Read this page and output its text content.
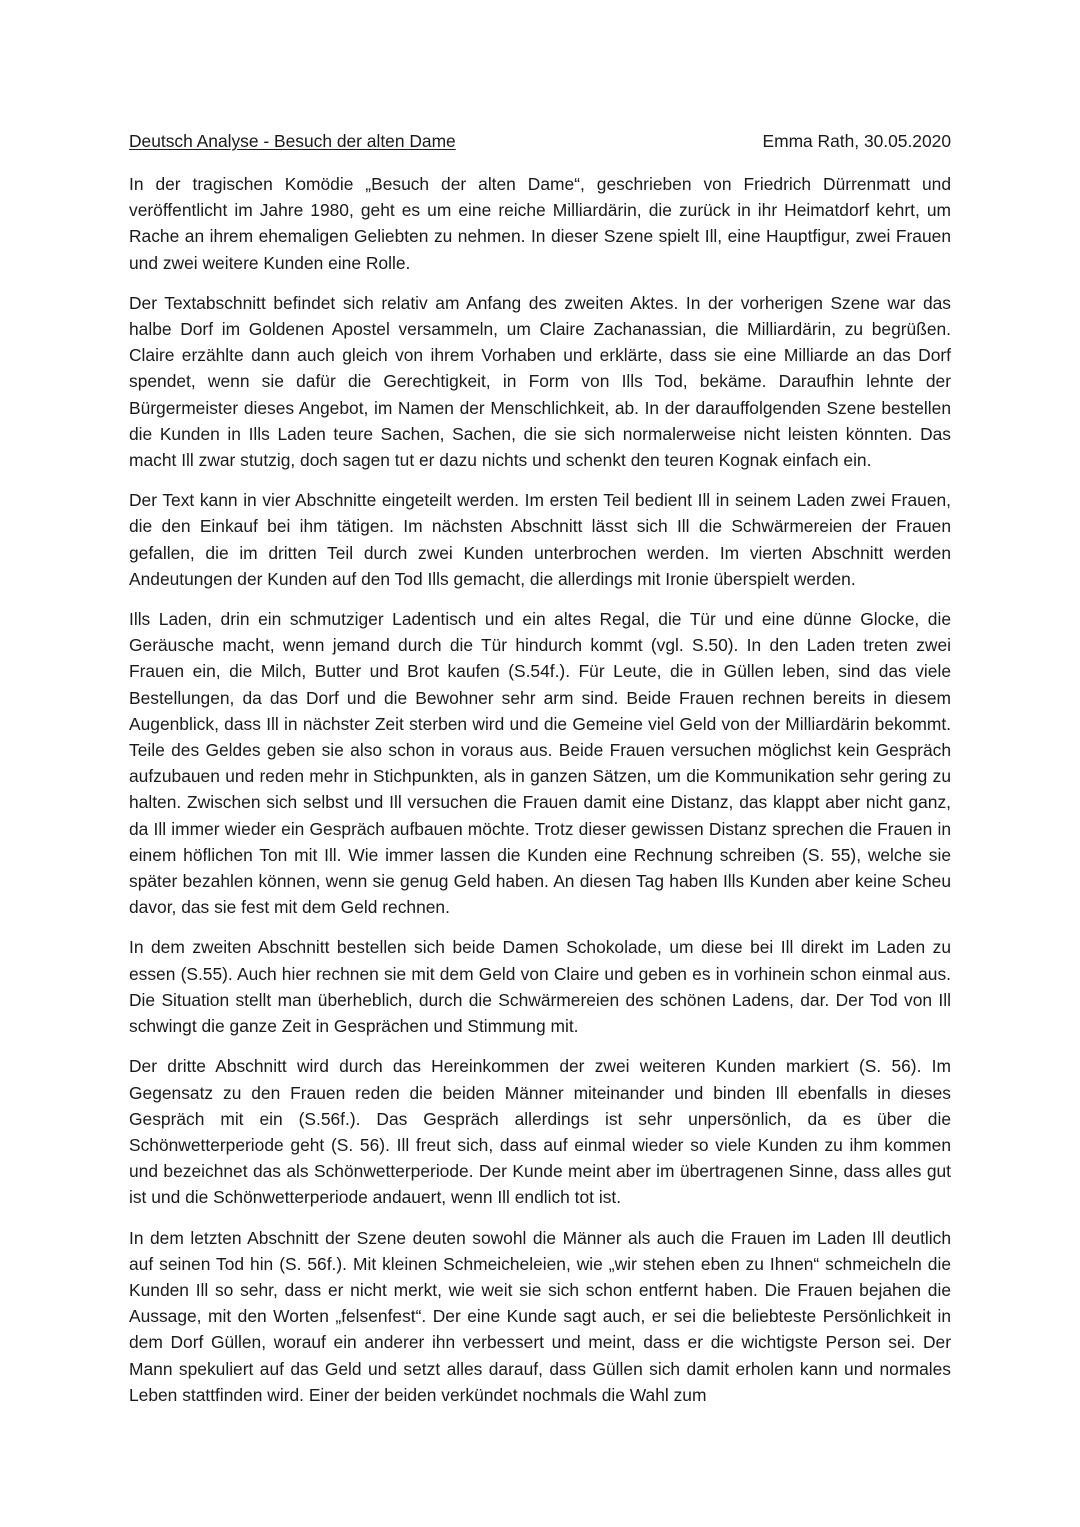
Deutsch Analyse - Besuch der alten Dame	Emma Rath, 30.05.2020

In der tragischen Komödie „Besuch der alten Dame“, geschrieben von Friedrich Dürrenmatt und veröffentlicht im Jahre 1980, geht es um eine reiche Milliardärin, die zurück in ihr Heimatdorf kehrt, um Rache an ihrem ehemaligen Geliebten zu nehmen. In dieser Szene spielt Ill, eine Hauptfigur, zwei Frauen und zwei weitere Kunden eine Rolle.

Der Textabschnitt befindet sich relativ am Anfang des zweiten Aktes. In der vorherigen Szene war das halbe Dorf im Goldenen Apostel versammeln, um Claire Zachanassian, die Milliardärin, zu begrüßen. Claire erzählte dann auch gleich von ihrem Vorhaben und erklärte, dass sie eine Milliarde an das Dorf spendet, wenn sie dafür die Gerechtigkeit, in Form von Ills Tod, bekäme. Daraufhin lehnte der Bürgermeister dieses Angebot, im Namen der Menschlichkeit, ab. In der darauffolgenden Szene bestellen die Kunden in Ills Laden teure Sachen, Sachen, die sie sich normalerweise nicht leisten könnten. Das macht Ill zwar stutzig, doch sagen tut er dazu nichts und schenkt den teuren Kognak einfach ein.

Der Text kann in vier Abschnitte eingeteilt werden. Im ersten Teil bedient Ill in seinem Laden zwei Frauen, die den Einkauf bei ihm tätigen. Im nächsten Abschnitt lässt sich Ill die Schwärmereien der Frauen gefallen, die im dritten Teil durch zwei Kunden unterbrochen werden. Im vierten Abschnitt werden Andeutungen der Kunden auf den Tod Ills gemacht, die allerdings mit Ironie überspielt werden.

Ills Laden, drin ein schmutziger Ladentisch und ein altes Regal, die Tür und eine dünne Glocke, die Geräusche macht, wenn jemand durch die Tür hindurch kommt (vgl. S.50). In den Laden treten zwei Frauen ein, die Milch, Butter und Brot kaufen (S.54f.). Für Leute, die in Güllen leben, sind das viele Bestellungen, da das Dorf und die Bewohner sehr arm sind. Beide Frauen rechnen bereits in diesem Augenblick, dass Ill in nächster Zeit sterben wird und die Gemeine viel Geld von der Milliardärin bekommt. Teile des Geldes geben sie also schon in voraus aus. Beide Frauen versuchen möglichst kein Gespräch aufzubauen und reden mehr in Stichpunkten, als in ganzen Sätzen, um die Kommunikation sehr gering zu halten. Zwischen sich selbst und Ill versuchen die Frauen damit eine Distanz, das klappt aber nicht ganz, da Ill immer wieder ein Gespräch aufbauen möchte. Trotz dieser gewissen Distanz sprechen die Frauen in einem höflichen Ton mit Ill. Wie immer lassen die Kunden eine Rechnung schreiben (S. 55), welche sie später bezahlen können, wenn sie genug Geld haben. An diesen Tag haben Ills Kunden aber keine Scheu davor, das sie fest mit dem Geld rechnen.

In dem zweiten Abschnitt bestellen sich beide Damen Schokolade, um diese bei Ill direkt im Laden zu essen (S.55). Auch hier rechnen sie mit dem Geld von Claire und geben es in vorhinein schon einmal aus. Die Situation stellt man überheblich, durch die Schwärmereien des schönen Ladens, dar. Der Tod von Ill schwingt die ganze Zeit in Gesprächen und Stimmung mit.

Der dritte Abschnitt wird durch das Hereinkommen der zwei weiteren Kunden markiert (S. 56). Im Gegensatz zu den Frauen reden die beiden Männer miteinander und binden Ill ebenfalls in dieses Gespräch mit ein (S.56f.). Das Gespräch allerdings ist sehr unpersönlich, da es über die Schönwetterperiode geht (S. 56). Ill freut sich, dass auf einmal wieder so viele Kunden zu ihm kommen und bezeichnet das als Schönwetterperiode. Der Kunde meint aber im übertragenen Sinne, dass alles gut ist und die Schönwetterperiode andauert, wenn Ill endlich tot ist.

In dem letzten Abschnitt der Szene deuten sowohl die Männer als auch die Frauen im Laden Ill deutlich auf seinen Tod hin (S. 56f.). Mit kleinen Schmeicheleien, wie „wir stehen eben zu Ihnen“ schmeicheln die Kunden Ill so sehr, dass er nicht merkt, wie weit sie sich schon entfernt haben. Die Frauen bejahen die Aussage, mit den Worten „felsenfest“. Der eine Kunde sagt auch, er sei die beliebteste Persönlichkeit in dem Dorf Güllen, worauf ein anderer ihn verbessert und meint, dass er die wichtigste Person sei. Der Mann spekuliert auf das Geld und setzt alles darauf, dass Güllen sich damit erholen kann und normales Leben stattfinden wird. Einer der beiden verkündet nochmals die Wahl zum
